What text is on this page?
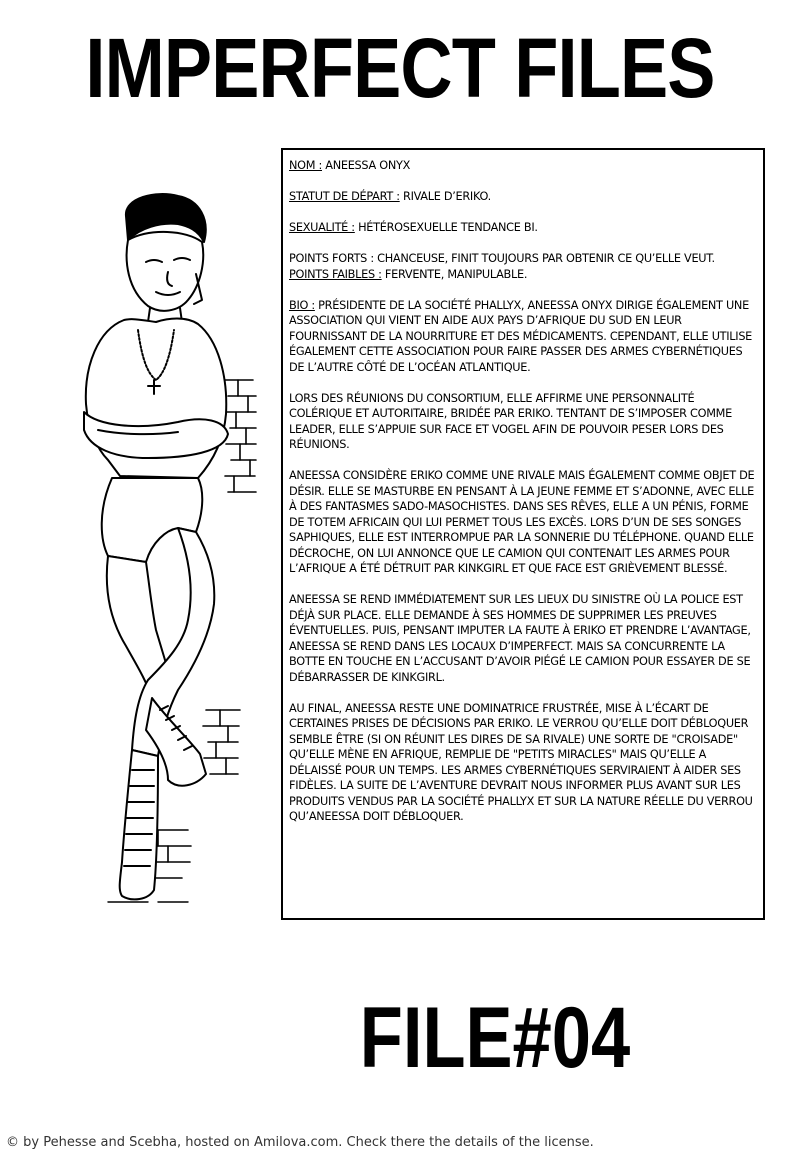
IMPERFECT FILES

NOM : ANEESSA ONYX

STATUT DE DÉPART : RIVALE D’ERIKO.

SEXUALITÉ : HÉTÉROSEXUELLE TENDANCE BI.

POINTS FORTS : CHANCEUSE, FINIT TOUJOURS PAR OBTENIR CE QU’ELLE VEUT.

POINTS FAIBLES : FERVENTE, MANIPULABLE.

BIO : PRÉSIDENTE DE LA SOCIÉTÉ PHALLYX, ANEESSA ONYX DIRIGE ÉGALEMENT UNE ASSOCIATION QUI VIENT EN AIDE AUX PAYS D’AFRIQUE DU SUD EN LEUR FOURNISSANT DE LA NOURRITURE ET DES MÉDICAMENTS. CEPENDANT, ELLE UTILISE ÉGALEMENT CETTE ASSOCIATION POUR FAIRE PASSER DES ARMES CYBERNÉTIQUES DE L’AUTRE CÔTÉ DE L’OCÉAN ATLANTIQUE.

LORS DES RÉUNIONS DU CONSORTIUM, ELLE AFFIRME UNE PERSONNALITÉ COLÉRIQUE ET AUTORITAIRE, BRIDÉE PAR ERIKO. TENTANT DE S’IMPOSER COMME LEADER, ELLE S’APPUIE SUR FACE ET VOGEL AFIN DE POUVOIR PESER LORS DES RÉUNIONS.

ANEESSA CONSIDÈRE ERIKO COMME UNE RIVALE MAIS ÉGALEMENT COMME OBJET DE DÉSIR. ELLE SE MASTURBE EN PENSANT À LA JEUNE FEMME ET S’ADONNE, AVEC ELLE À DES FANTASMES SADO-MASOCHISTES. DANS SES RÊVES, ELLE A UN PÉNIS, FORME DE TOTEM AFRICAIN QUI LUI PERMET TOUS LES EXCÈS. LORS D’UN DE SES SONGES SAPHIQUES, ELLE EST INTERROMPUE PAR LA SONNERIE DU TÉLÉPHONE. QUAND ELLE DÉCROCHE, ON LUI ANNONCE QUE LE CAMION QUI CONTENAIT LES ARMES POUR L’AFRIQUE A ÉTÉ DÉTRUIT PAR KINKGIRL ET QUE FACE EST GRIÈVEMENT BLESSÉ.

ANEESSA SE REND IMMÉDIATEMENT SUR LES LIEUX DU SINISTRE OÙ LA POLICE EST DÉJÀ SUR PLACE. ELLE DEMANDE À SES HOMMES DE SUPPRIMER LES PREUVES ÉVENTUELLES. PUIS, PENSANT IMPUTER LA FAUTE À ERIKO ET PRENDRE L’AVANTAGE, ANEESSA SE REND DANS LES LOCAUX D’IMPERFECT. MAIS SA CONCURRENTE LA BOTTE EN TOUCHE EN L’ACCUSANT D’AVOIR PIÉGÉ LE CAMION POUR ESSAYER DE SE DÉBARRASSER DE KINKGIRL.

AU FINAL, ANEESSA RESTE UNE DOMINATRICE FRUSTRÉE, MISE À L’ÉCART DE CERTAINES PRISES DE DÉCISIONS PAR ERIKO. LE VERROU QU’ELLE DOIT DÉBLOQUER SEMBLE ÊTRE (SI ON RÉUNIT LES DIRES DE SA RIVALE) UNE SORTE DE "CROISADE" QU’ELLE MÈNE EN AFRIQUE, REMPLIE DE "PETITS MIRACLES" MAIS QU’ELLE A DÉLAISSÉ POUR UN TEMPS. LES ARMES CYBERNÉTIQUES SERVIRAIENT À AIDER SES FIDÈLES. LA SUITE DE L’AVENTURE DEVRAIT NOUS INFORMER PLUS AVANT SUR LES PRODUITS VENDUS PAR LA SOCIÉTÉ PHALLYX ET SUR LA NATURE RÉELLE DU VERROU QU’ANEESSA DOIT DÉBLOQUER.

FILE#04
© by Pehesse and Scebha, hosted on Amilova.com. Check there the details of the license.
